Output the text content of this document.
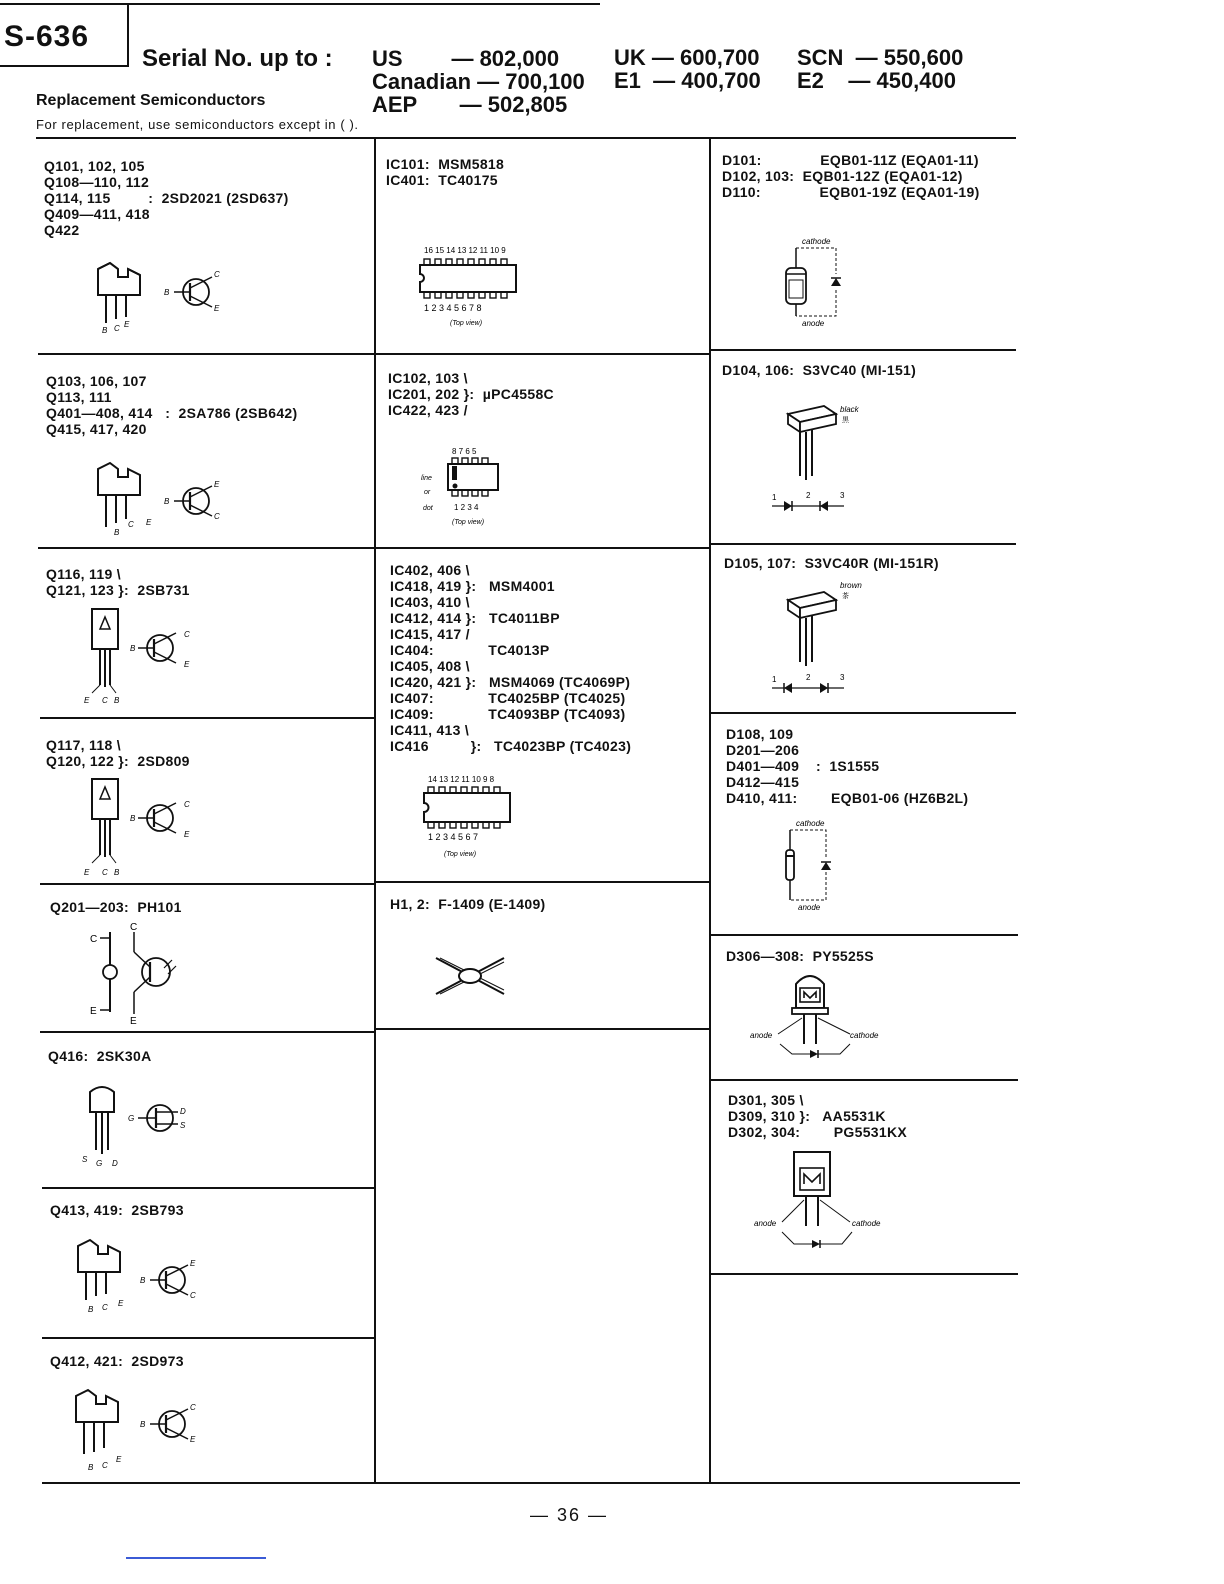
S-636
Serial No. up to : US        — 802,000
Canadian — 700,100
AEP       — 502,805
UK — 600,700
E1  — 400,700
SCN  — 550,600
E2    — 450,400
Replacement Semiconductors
For replacement, use semiconductors except in ( ).
Q101, 102, 105
Q108—110, 112
Q114, 115         :  2SD2021 (2SD637)
Q409—411, 418
Q422
B C E
B
C
E
Q103, 106, 107
Q113, 111
Q401—408, 414   :  2SA786 (2SB642)
Q415, 417, 420
B
C E
B
E
C
Q116, 119 \
Q121, 123 }:  2SB731
E C B
B
C
E
Q117, 118 \
Q120, 122 }:  2SD809
E C B
B
C
E
Q201—203:  PH101
C
E
C
E
Q416:  2SK30A
S G D
G
D
S
Q413, 419:  2SB793
B C E
B
E
C
Q412, 421:  2SD973
B C
E
B
C
E
IC101:  MSM5818
IC401:  TC40175
16 15 14 13 12 11 10 9
1 2 3 4 5 6 7 8
(Top view)
IC102, 103 \
IC201, 202 }:  µPC4558C
IC422, 423 /
8 7 6 5
line
or
dot	1 2 3 4
(Top view)
IC402, 406 \
IC418, 419 }:   MSM4001
IC403, 410 \
IC412, 414 }:   TC4011BP
IC415, 417 /
IC404:             TC4013P
IC405, 408 \
IC420, 421 }:   MSM4069 (TC4069P)
IC407:             TC4025BP (TC4025)
IC409:             TC4093BP (TC4093)
IC411, 413 \
IC416          }:   TC4023BP (TC4023)
14 13 12 11 10 9 8
1 2 3 4 5 6 7
(Top view)
H1, 2:  F-1409 (E-1409)
D101:              EQB01-11Z (EQA01-11)
D102, 103:  EQB01-12Z (EQA01-12)
D110:              EQB01-19Z (EQA01-19)
cathode
anode
D104, 106:  S3VC40 (MI-151)
black
黒
1	2	3
D105, 107:  S3VC40R (MI-151R)
brown
茶
1	2	3
D108, 109
D201—206
D401—409    :  1S1555
D412—415
D410, 411:        EQB01-06 (HZ6B2L)
cathode
anode
D306—308:  PY5525S
anode	cathode
D301, 305 \
D309, 310 }:   AA5531K
D302, 304:        PG5531KX
anode	cathode
— 36 —
